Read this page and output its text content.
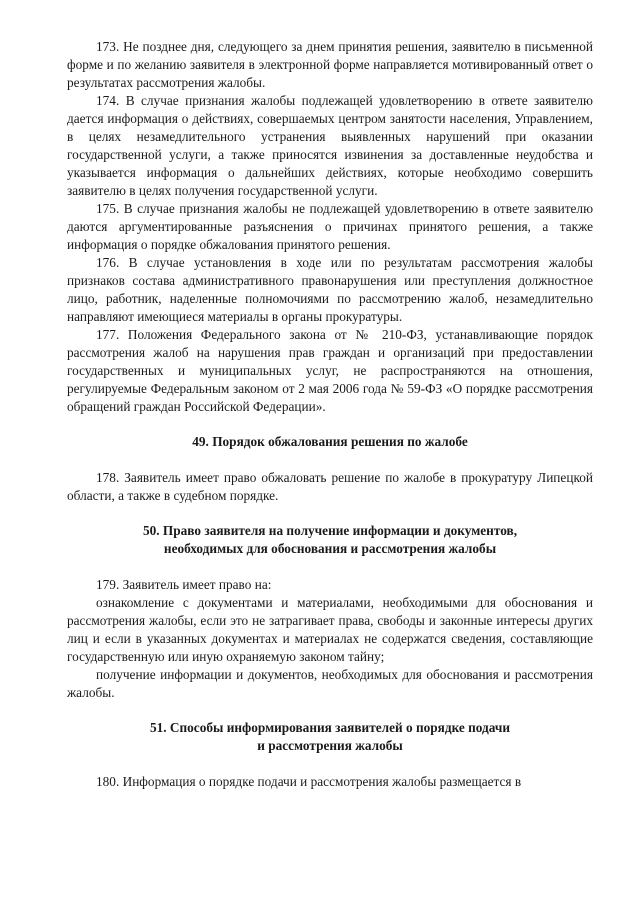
173. Не позднее дня, следующего за днем принятия решения, заявителю в письменной форме и по желанию заявителя в электронной форме направляется мотивированный ответ о результатах рассмотрения жалобы.

174. В случае признания жалобы подлежащей удовлетворению в ответе заявителю дается информация о действиях, совершаемых центром занятости населения, Управлением, в целях незамедлительного устранения выявленных нарушений при оказании государственной услуги, а также приносятся извинения за доставленные неудобства и указывается информация о дальнейших действиях, которые необходимо совершить заявителю в целях получения государственной услуги.

175. В случае признания жалобы не подлежащей удовлетворению в ответе заявителю даются аргументированные разъяснения о причинах принятого решения, а также информация о порядке обжалования принятого решения.

176. В случае установления в ходе или по результатам рассмотрения жалобы признаков состава административного правонарушения или преступления должностное лицо, работник, наделенные полномочиями по рассмотрению жалоб, незамедлительно направляют имеющиеся материалы в органы прокуратуры.

177. Положения Федерального закона от № 210-ФЗ, устанавливающие порядок рассмотрения жалоб на нарушения прав граждан и организаций при предоставлении государственных и муниципальных услуг, не распространяются на отношения, регулируемые Федеральным законом от 2 мая 2006 года № 59-ФЗ «О порядке рассмотрения обращений граждан Российской Федерации».

49. Порядок обжалования решения по жалобе

178. Заявитель имеет право обжаловать решение по жалобе в прокуратуру Липецкой области, а также в судебном порядке.

50. Право заявителя на получение информации и документов,
необходимых для обоснования и рассмотрения жалобы

179. Заявитель имеет право на:

ознакомление с документами и материалами, необходимыми для обоснования и рассмотрения жалобы, если это не затрагивает права, свободы и законные интересы других лиц и если в указанных документах и материалах не содержатся сведения, составляющие государственную или иную охраняемую законом тайну;

получение информации и документов, необходимых для обоснования и рассмотрения жалобы.

51. Способы информирования заявителей о порядке подачи
и рассмотрения жалобы

180. Информация о порядке подачи и рассмотрения жалобы размещается в
